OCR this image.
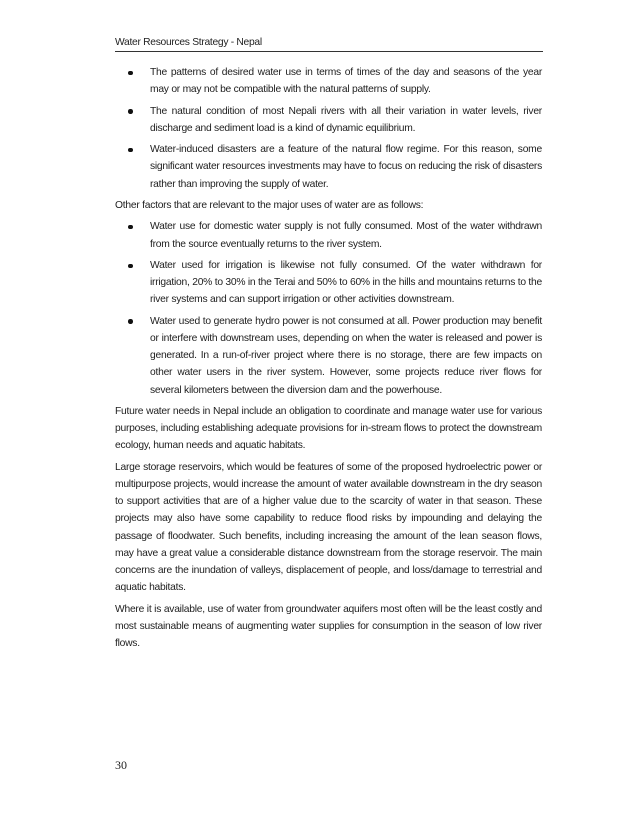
Water Resources Strategy - Nepal
The patterns of desired water use in terms of times of the day and seasons of the year may or may not be compatible with the natural patterns of supply.
The natural condition of most Nepali rivers with all their variation in water levels, river discharge and sediment load is a kind of dynamic equilibrium.
Water-induced disasters are a feature of the natural flow regime. For this reason, some significant water resources investments may have to focus on reducing the risk of disasters rather than improving the supply of water.

Other factors that are relevant to the major uses of water are as follows:

Water use for domestic water supply is not fully consumed. Most of the water withdrawn from the source eventually returns to the river system.
Water used for irrigation is likewise not fully consumed. Of the water withdrawn for irrigation, 20% to 30% in the Terai and 50% to 60% in the hills and mountains returns to the river systems and can support irrigation or other activities downstream.
Water used to generate hydro power is not consumed at all. Power production may benefit or interfere with downstream uses, depending on when the water is released and power is generated. In a run-of-river project where there is no storage, there are few impacts on other water users in the river system. However, some projects reduce river flows for several kilometers between the diversion dam and the powerhouse.

Future water needs in Nepal include an obligation to coordinate and manage water use for various purposes, including establishing adequate provisions for in-stream flows to protect the downstream ecology, human needs and aquatic habitats.

Large storage reservoirs, which would be features of some of the proposed hydroelectric power or multipurpose projects, would increase the amount of water available downstream in the dry season to support activities that are of a higher value due to the scarcity of water in that season. These projects may also have some capability to reduce flood risks by impounding and delaying the passage of floodwater. Such benefits, including increasing the amount of the lean season flows, may have a great value a considerable distance downstream from the storage reservoir. The main concerns are the inundation of valleys, displacement of people, and loss/damage to terrestrial and aquatic habitats.

Where it is available, use of water from groundwater aquifers most often will be the least costly and most sustainable means of augmenting water supplies for consumption in the season of low river flows.

30
